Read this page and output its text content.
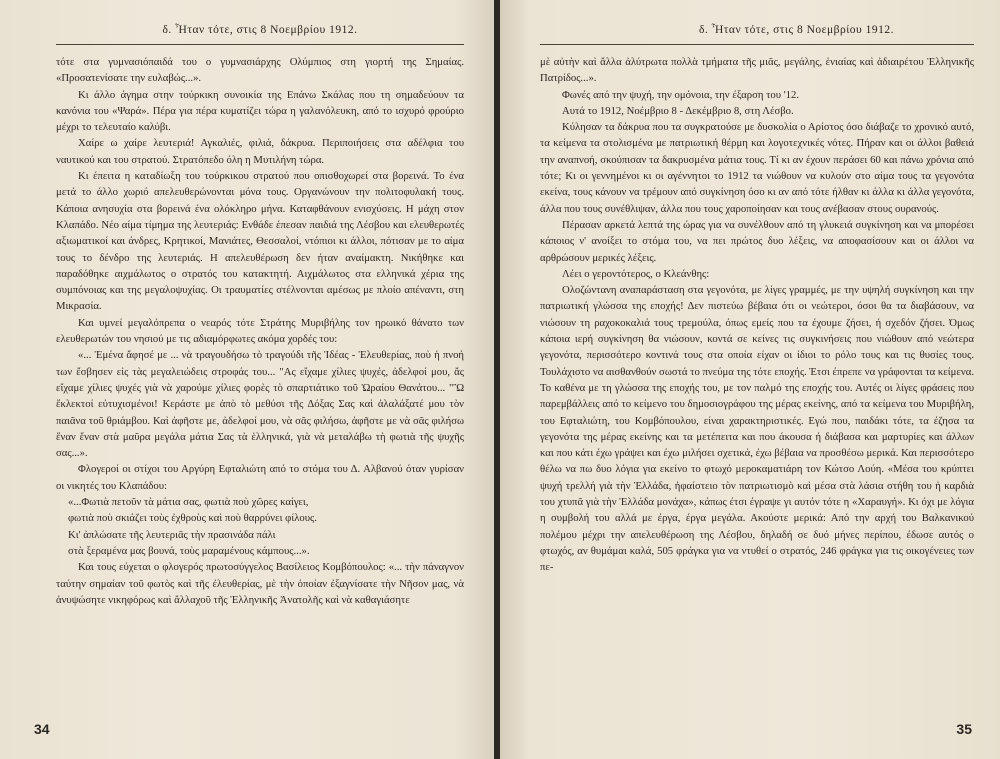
δ. Ἦταν τότε, στις 8 Νοεμβρίου 1912.

τότε στα γυμνασιόπαιδά του ο γυμνασιάρχης Ολύμπιος στη γιορτή της Σημαίας. «Προσατενίσατε την ευλαβώς...».

Κι άλλο άγημα στην τούρκικη συνοικία της Επάνω Σκάλας που τη σημαδεύουν τα κανόνια του «Ψαρά». Πέρα για πέρα κυματίζει τώρα η γαλανόλευκη, από το ισχυρό φρούριο μέχρι το τελευταίο καλύβι.

Χαίρε ω χαίρε λευτεριά! Αγκαλιές, φιλιά, δάκρυα. Περιποιήσεις στα αδέλφια του ναυτικού και του στρατού. Στρατόπεδο όλη η Μυτιλήνη τώρα.

Κι έπειτα η καταδίωξη του τούρκικου στρατού που οπισθοχωρεί στα βορεινά. Το ένα μετά το άλλο χωριό απελευθερώνονται μόνα τους. Οργανώνουν την πολιτοφυλακή τους. Κάποια ανησυχία στα βορεινά ένα ολόκληρο μήνα. Καταφθάνουν ενισχύσεις. Η μάχη στον Κλαπάδο. Νέο αίμα τίμημα της λευτεριάς: Ενθάδε έπεσαν παιδιά της Λέσβου και ελευθερωτές αξιωματικοί και άνδρες, Κρητικοί, Μανιάτες, Θεσσαλοί, ντόπιοι κι άλλοι, πότισαν με το αίμα τους το δένδρο της λευτεριάς. Η απελευθέρωση δεν ήταν αναίμακτη. Νικήθηκε και παραδόθηκε αιχμάλωτος ο στρατός του κατακτητή. Αιχμάλωτος στα ελληνικά χέρια της συμπόνοιας και της μεγαλοψυχίας. Οι τραυματίες στέλνονται αμέσως με πλοίο απέναντι, στη Μικρασία.

Και υμνεί μεγαλόπρεπα ο νεαρός τότε Στράτης Μυριβήλης τον ηρωικό θάνατο των ελευθερωτών του νησιού με τις αδιαμόρφωτες ακόμα χορδές του:

«... Ἐμένα ἄφησέ με ... νὰ τραγουδήσω τὸ τραγούδι τῆς Ἰδέας - Ἐλευθερίας, ποὺ ἡ πνοή των ἔσβησεν εἰς τὰς μεγαλειώδεις στροφάς του... "Ας εἴχαμε χίλιες ψυχές, ἀδελφοί μου, ἄς εἴχαμε χίλιες ψυχές γιὰ νὰ χαρούμε χίλιες φορὲς τὸ σπαρτιάτικο τοῦ Ὡραίου Θανάτου... "Ὢ ἔκλεκτοί εὐτυχισμένοι! Κεράστε με ἀπὸ τὸ μεθύσι τῆς Δόξας Σας καὶ ἀλαλάξατέ μου τὸν παιᾶνα τοῦ θριάμβου. Καὶ ἀφῆστε με, ἀδελφοί μου, νὰ σᾶς φιλήσω, ἀφῆστε με νὰ σᾶς φιλήσω ἕναν ἕναν στὰ μαῦρα μεγάλα μάτια Σας τὰ ἑλληνικά, γιὰ νὰ μεταλάβω τὴ φωτιὰ τῆς ψυχῆς σας...».

Φλογεροί οι στίχοι του Αργύρη Εφταλιώτη από το στόμα του Δ. Αλβανού όταν γυρίσαν οι νικητές του Κλαπάδου:

«...Φωτιὰ πετοῦν τὰ μάτια σας, φωτιὰ ποὺ χῶρες καίγει,

φωτιὰ ποὺ σκιάζει τοὺς ἐχθροὺς καὶ ποὺ θαρρύνει φίλους.

Κι' ἀπλώσατε τῆς λευτεριᾶς τὴν πρασινάδα πάλι

στὰ ξεραμένα μας βουνά, τοὺς μαραμένους κάμπους...».

Και τους εύχεται ο φλογερός πρωτοσύγγελος Βασίλειος Κομβόπουλος: «... τὴν πάναγνον ταύτην σημαίαν τοῦ φωτὸς καὶ τῆς ἐλευθερίας, μὲ τὴν ὁποίαν ἐξαγνίσατε τὴν Νῆσον μας, νὰ ἀνυψώσητε νικηφόρως καὶ ἄλλαχοῦ τῆς Ἑλληνικῆς Ἀνατολῆς καὶ νὰ καθαγιάσητε

34
δ. Ἦταν τότε, στις 8 Νοεμβρίου 1912.

μὲ αὐτὴν καὶ ἄλλα ἀλύτρωτα πολλὰ τμήματα τῆς μιᾶς, μεγάλης, ἑνιαίας καὶ ἀδιαιρέτου Ἑλληνικῆς Πατρίδος...».

Φωνές από την ψυχή, την ομόνοια, την έξαρση του '12.

Αυτά το 1912, Νοέμβριο 8 - Δεκέμβριο 8, στη Λέσβο.

Κύλησαν τα δάκρυα που τα συγκρατούσε με δυσκολία ο Αρίστος όσο διάβαζε το χρονικό αυτό, τα κείμενα τα στολισμένα με πατριωτική θέρμη και λογοτεχνικές νότες. Πήραν και οι άλλοι βαθειά την αναπνοή, σκούπισαν τα δακρυσμένα μάτια τους. Τί κι αν έχουν περάσει 60 και πάνω χρόνια από τότε; Κι οι γεννημένοι κι οι αγέννητοι το 1912 τα νιώθουν να κυλούν στο αίμα τους τα γεγονότα εκείνα, τους κάνουν να τρέμουν από συγκίνηση όσο κι αν από τότε ήλθαν κι άλλα κι άλλα γεγονότα, άλλα που τους συνέθλιψαν, άλλα που τους χαροποίησαν και τους ανέβασαν στους ουρανούς.

Πέρασαν αρκετά λεπτά της ώρας για να συνέλθουν από τη γλυκειά συγκίνηση και να μπορέσει κάποιος ν' ανοίξει το στόμα του, να πει πρώτος δυο λέξεις, να αποφασίσουν και οι άλλοι να αρθρώσουν μερικές λέξεις.

Λέει ο γεροντότερος, ο Κλεάνθης:

Ολοζώντανη αναπαράσταση στα γεγονότα, με λίγες γραμμές, με την υψηλή συγκίνηση και την πατριωτική γλώσσα της εποχής! Δεν πιστεύω βέβαια ότι οι νεώτεροι, όσοι θα τα διαβάσουν, να νιώσουν τη ραχοκοκαλιά τους τρεμούλα, όπως εμείς που τα έχουμε ζήσει, ή σχεδόν ζήσει. Όμως κάποια ιερή συγκίνηση θα νιώσουν, κοντά σε κείνες τις συγκινήσεις που νιώθουν από νεώτερα γεγονότα, περισσότερο κοντινά τους στα οποία είχαν οι ίδιοι το ρόλο τους και τις θυσίες τους. Τουλάχιστο να αισθανθούν σωστά το πνεύμα της τότε εποχής. Έτσι έπρεπε να γράφονται τα κείμενα. Το καθένα με τη γλώσσα της εποχής του, με τον παλμό της εποχής του. Αυτές οι λίγες φράσεις που παρεμβάλλεις από το κείμενο του δημοσιογράφου της μέρας εκείνης, από τα κείμενα του Μυριβήλη, του Εφταλιώτη, του Κομβόπουλου, είναι χαρακτηριστικές. Εγώ που, παιδάκι τότε, τα έζησα τα γεγονότα της μέρας εκείνης και τα μετέπειτα και που άκουσα ή διάβασα και μαρτυρίες και άλλων και που κάτι έχω γράψει και έχω μιλήσει σχετικά, έχω βέβαια να προσθέσω μερικά. Και περισσότερο θέλω να πω δυο λόγια για εκείνο το φτωχό μεροκαματιάρη τον Κώτσο Λούη. «Μέσα του κρύπτει ψυχή τρελλή γιὰ τὴν Ἑλλάδα, ἠφαίστειο τὸν πατριωτισμὸ καὶ μέσα στὰ λάσια στήθη του ἡ καρδιὰ του χτυπᾶ γιὰ τὴν Ἑλλάδα μονάχα», κάπως έτσι έγραψε γι αυτόν τότε η «Χαραυγή». Κι όχι με λόγια η συμβολή του αλλά με έργα, έργα μεγάλα. Ακούστε μερικά: Από την αρχή του Βαλκανικού πολέμου μέχρι την απελευθέρωση της Λέσβου, δηλαδή σε δυό μήνες περίπου, έδωσε αυτός ο φτωχός, αν θυμάμαι καλά, 505 φράγκα για να ντυθεί ο στρατός, 246 φράγκα για τις οικογένειες των πε-

35
